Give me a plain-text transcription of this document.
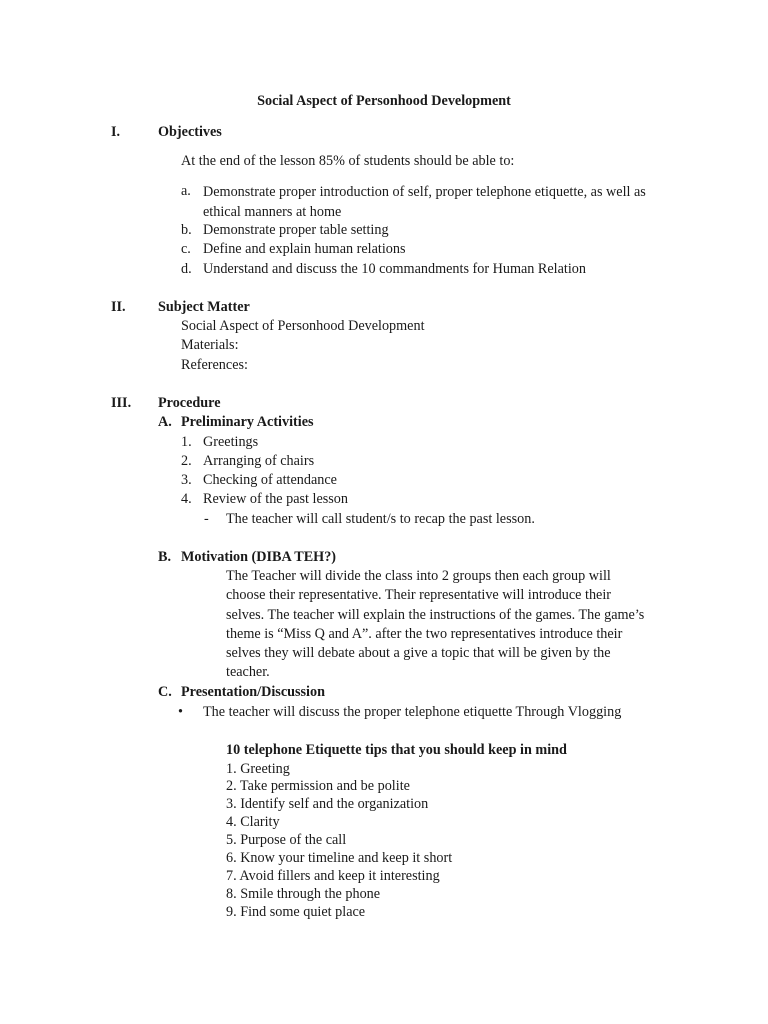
Social Aspect of Personhood Development
I.	Objectives
At the end of the lesson 85% of students should be able to:
a. Demonstrate proper introduction of self, proper telephone etiquette, as well as ethical manners at home
b. Demonstrate proper table setting
c. Define and explain human relations
d. Understand and discuss the 10 commandments for Human Relation
II. Subject Matter
Social Aspect of Personhood Development
Materials:
References:
III. Procedure
A. Preliminary Activities
1. Greetings
2. Arranging of chairs
3. Checking of attendance
4. Review of the past lesson
- The teacher will call student/s to recap the past lesson.
B. Motivation (DIBA TEH?)
The Teacher will divide the class into 2 groups then each group will choose their representative. Their representative will introduce their selves. The teacher will explain the instructions of the games. The game’s theme is “Miss Q and A”. after the two representatives introduce their selves they will debate about a give a topic that will be given by the teacher.
C. Presentation/Discussion
• The teacher will discuss the proper telephone etiquette Through Vlogging
10 telephone Etiquette tips that you should keep in mind
1. Greeting
2. Take permission and be polite
3. Identify self and the organization
4. Clarity
5. Purpose of the call
6. Know your timeline and keep it short
7. Avoid fillers and keep it interesting
8. Smile through the phone
9. Find some quiet place
